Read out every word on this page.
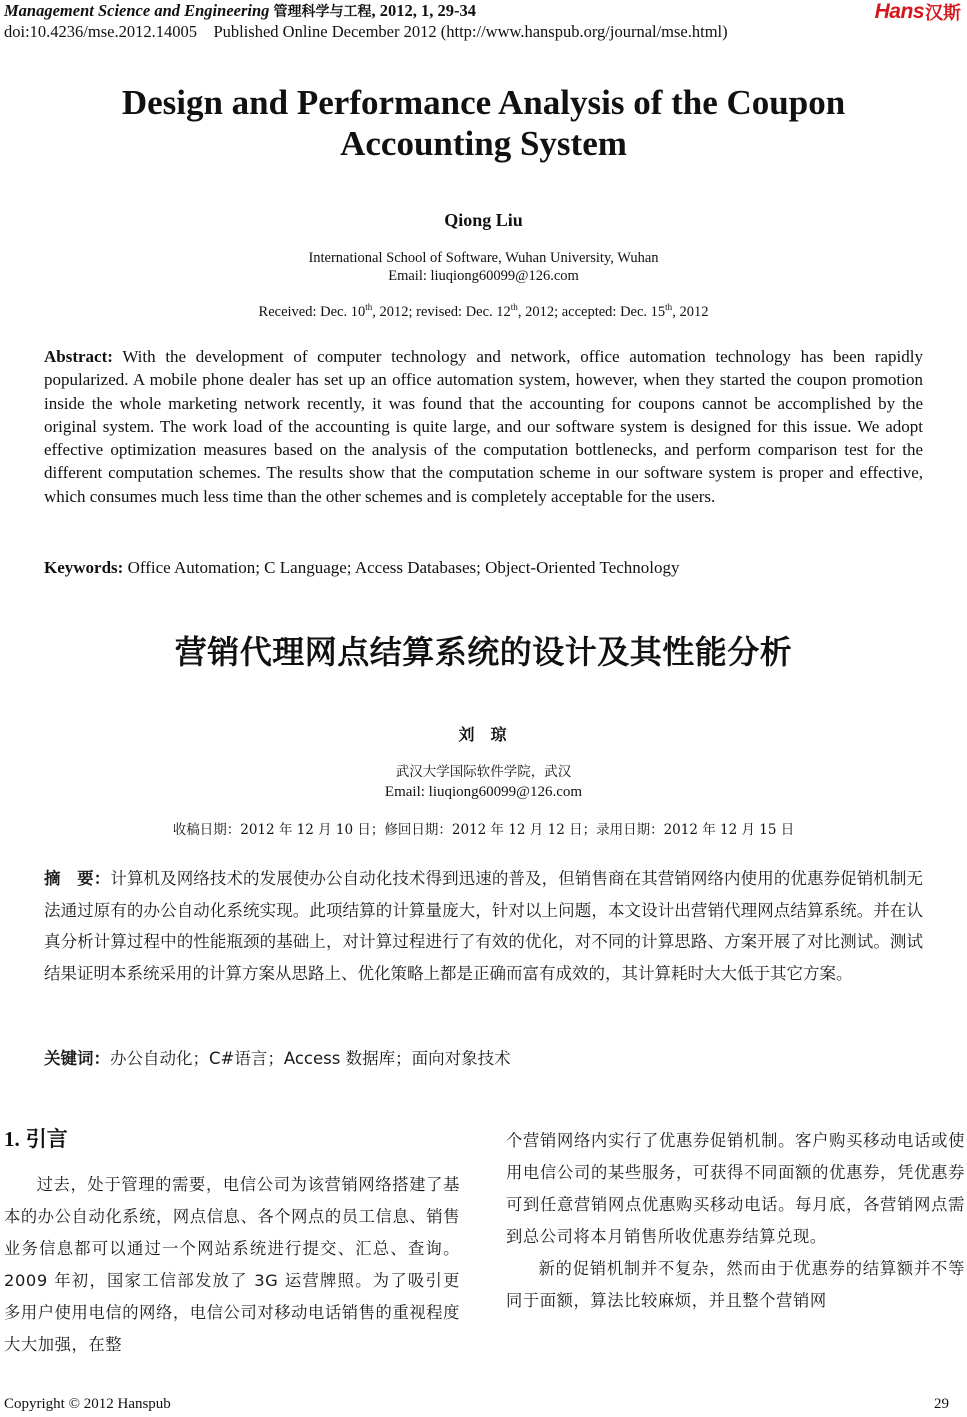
Management Science and Engineering 管理科学与工程, 2012, 1, 29-34
doi:10.4236/mse.2012.14005    Published Online December 2012 (http://www.hanspub.org/journal/mse.html)
Hans 汉斯
Design and Performance Analysis of the Coupon
Accounting System
Qiong Liu
International School of Software, Wuhan University, Wuhan
Email: liuqiong60099@126.com
Received: Dec. 10th, 2012; revised: Dec. 12th, 2012; accepted: Dec. 15th, 2012
Abstract: With the development of computer technology and network, office automation technology has been rapidly popularized. A mobile phone dealer has set up an office automation system, however, when they started the coupon promotion inside the whole marketing network recently, it was found that the accounting for coupons cannot be accomplished by the original system. The work load of the accounting is quite large, and our software system is designed for this issue. We adopt effective optimization measures based on the analysis of the computation bottlenecks, and perform comparison test for the different computation schemes. The results show that the computation scheme in our software system is proper and effective, which consumes much less time than the other schemes and is completely acceptable for the users.
Keywords: Office Automation; C Language; Access Databases; Object-Oriented Technology
营销代理网点结算系统的设计及其性能分析
刘琼
武汉大学国际软件学院，武汉
Email: liuqiong60099@126.com
收稿日期：2012 年 12 月 10 日；修回日期：2012 年 12 月 12 日；录用日期：2012 年 12 月 15 日
摘　要：计算机及网络技术的发展使办公自动化技术得到迅速的普及，但销售商在其营销网络内使用的优惠券促销机制无法通过原有的办公自动化系统实现。此项结算的计算量庞大，针对以上问题，本文设计出营销代理网点结算系统。并在认真分析计算过程中的性能瓶颈的基础上，对计算过程进行了有效的优化，对不同的计算思路、方案开展了对比测试。测试结果证明本系统采用的计算方案从思路上、优化策略上都是正确而富有成效的，其计算耗时大大低于其它方案。
关键词：办公自动化；C#语言；Access 数据库；面向对象技术
1. 引言

过去，处于管理的需要，电信公司为该营销网络搭建了基本的办公自动化系统，网点信息、各个网点的员工信息、销售业务信息都可以通过一个网站系统进行提交、汇总、查询。2009 年初，国家工信部发放了 3G 运营牌照。为了吸引更多用户使用电信的网络，电信公司对移动电话销售的重视程度大大加强，在整

个营销网络内实行了优惠券促销机制。客户购买移动电话或使用电信公司的某些服务，可获得不同面额的优惠券，凭优惠券可到任意营销网点优惠购买移动电话。每月底，各营销网点需到总公司将本月销售所收优惠券结算兑现。

新的促销机制并不复杂，然而由于优惠券的结算额并不等同于面额，算法比较麻烦，并且整个营销网

Copyright © 2012 Hanspub	29
